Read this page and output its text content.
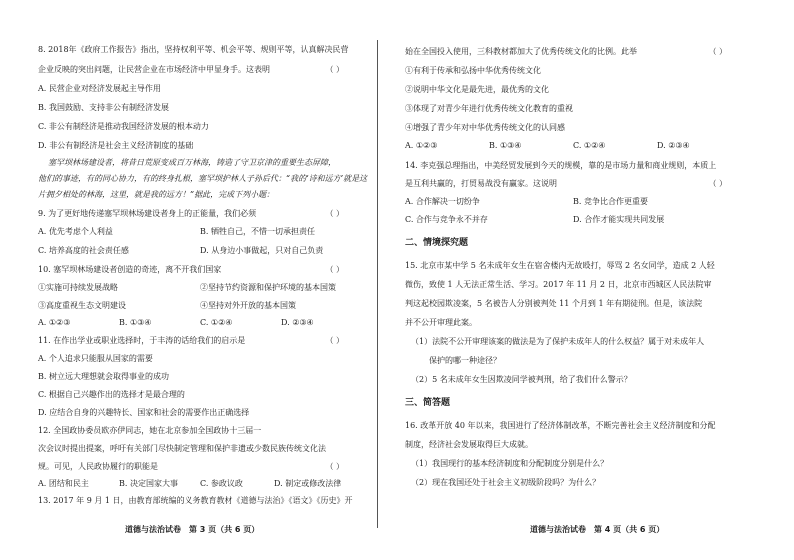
8. 2018年《政府工作报告》指出，坚持权利平等、机会平等、规则平等，认真解决民营
企业反映的突出问题，让民营企业在市场经济中甲显身手。这表明	（ ）
A. 民营企业对经济发展起主导作用
B. 我国鼓励、支持非公有制经济发展
C. 非公有制经济是推动我国经济发展的根本动力
D. 非公有制经济是社会主义经济制度的基础
塞罕坝林场建设者，将昔日荒原变成百万林海，铸造了守卫京津的重要生态屏障，
他们的事迹，有的同心协力，有的终身扎根，塞罕坝护林人子孙后代：“我的‘诗和远方’就是这
片拥夕相处的林海，这里，就是我的远方！”据此，完成下列小题：
9. 为了更好地传递塞罕坝林场建设者身上的正能量，我们必须	（ ）
A. 优先考虑个人利益	B. 牺牲自己，不惜一切承担责任
C. 培养高度的社会责任感	D. 从身边小事做起，只对自己负责
10. 塞罕坝林场建设者创造的奇迹，离不开我们国家	（ ）
①实施可持续发展战略	②坚持节约资源和保护环境的基本国策
③高度重视生态文明建设	④坚持对外开放的基本国策
A. ①②③	B. ①③④	C. ①②④	D. ②③④
11. 在作出学业或职业选择时，于丰涛的话给我们的启示是	（ ）
A. 个人追求只能服从国家的需要
B. 树立远大理想就会取得事业的成功
C. 根据自己兴趣作出的选择才是最合理的
D. 应结合自身的兴趣特长、国家和社会的需要作出正确选择
12. 全国政协委员欧亦伊同志，她在北京参加全国政协十三届一
次会议时提出提案，呼吁有关部门尽快制定管理和保护非遗或少数民族传统文化法
规。可见，人民政协履行的职能是	（ ）
A. 团结和民主	B. 决定国家大事	C. 参政议政	D. 制定或修改法律
13. 2017 年 9 月 1 日，由教育部统编的义务教育教材《道德与法治》《语文》《历史》开
始在全国投入使用，三科教材都加大了优秀传统文化的比例。此举	（ ）
①有利于传承和弘扬中华优秀传统文化
②说明中华文化是最先进，最优秀的文化
③体现了对青少年进行优秀传统文化教育的重视
④增强了青少年对中华优秀传统文化的认同感
A. ①②③	B. ①③④	C. ①②④	D. ②③④
14. 李克强总理指出，中美经贸发展到今天的规模，靠的是市场力量和商业规则，本质上
是互利共赢的，打贸易战没有赢家。这说明	（ ）
A. 合作解决一切纷争	B. 竞争比合作更重要
C. 合作与竞争永不并存	D. 合作才能实现共同发展
二、情境探究题
15. 北京市某中学 5 名未成年女生在宿舍楼内无故殴打，辱骂 2 名女同学，造成 2 人轻
微伤，致使 1 人无法正常生活、学习。2017 年 11 月 2 日，北京市西城区人民法院审
判这起校园欺凌案，5 名被告人分别被判处 11 个月到 1 年有期徒刑。但是，该法院
并不公开审理此案。
（1）法院不公开审理该案的做法是为了保护未成年人的什么权益？属于对未成年人
保护的哪一种途径？
（2）5 名未成年女生因欺凌同学被判刑，给了我们什么警示？
三、简答题
16. 改革开放 40 年以来，我国进行了经济体制改革，不断完善社会主义经济制度和分配
制度，经济社会发展取得巨大成就。
（1）我国现行的基本经济制度和分配制度分别是什么？
（2）现在我国还处于社会主义初级阶段吗？为什么？
道德与法治试卷　第 3 页（共 6 页）	道德与法治试卷　第 4 页（共 6 页）
